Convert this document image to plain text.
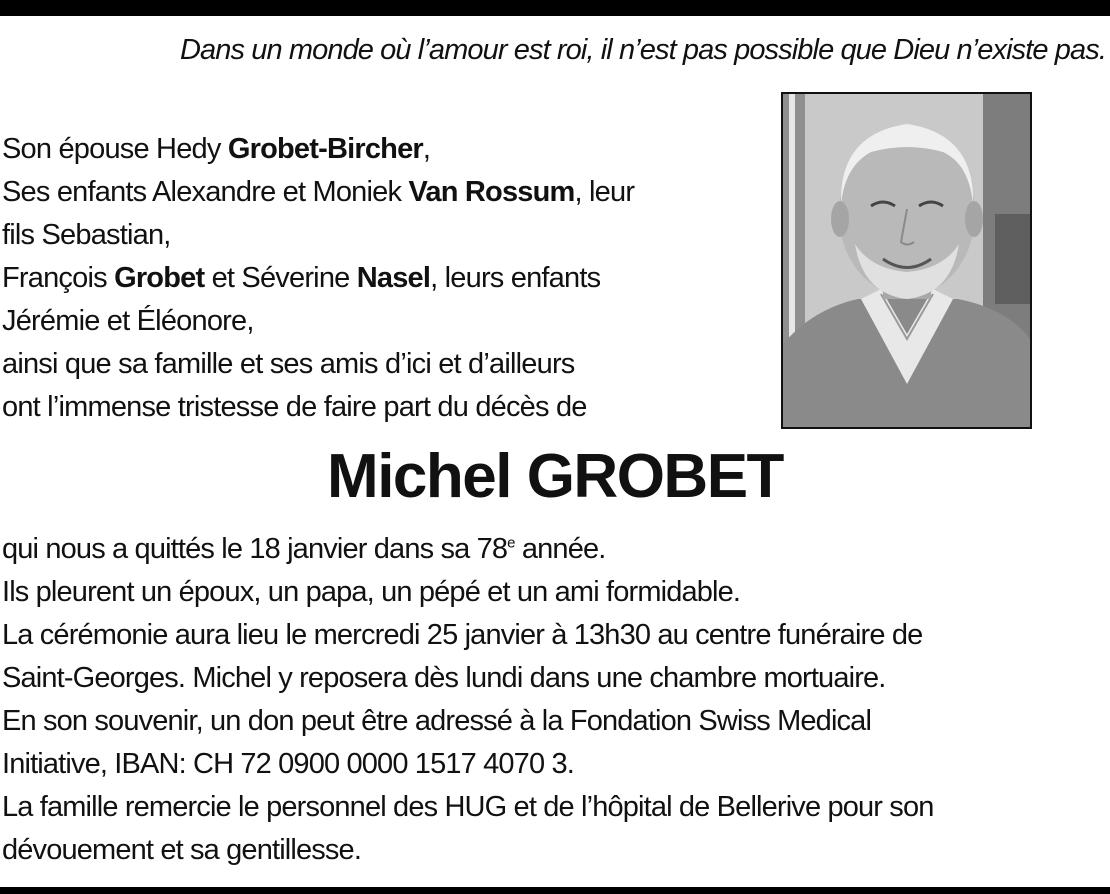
Dans un monde où l’amour est roi, il n’est pas possible que Dieu n’existe pas.
Son épouse Hedy Grobet-Bircher,
Ses enfants Alexandre et Moniek Van Rossum, leur
fils Sebastian,
François Grobet et Séverine Nasel, leurs enfants
Jérémie et Éléonore,
ainsi que sa famille et ses amis d’ici et d’ailleurs
ont l’immense tristesse de faire part du décès de
Michel GROBET
qui nous a quittés le 18 janvier dans sa 78e année.
Ils pleurent un époux, un papa, un pépé et un ami formidable.
La cérémonie aura lieu le mercredi 25 janvier à 13h30 au centre funéraire de
Saint-Georges. Michel y reposera dès lundi dans une chambre mortuaire.
En son souvenir, un don peut être adressé à la Fondation Swiss Medical
Initiative, IBAN: CH 72 0900 0000 1517 4070 3.
La famille remercie le personnel des HUG et de l’hôpital de Bellerive pour son
dévouement et sa gentillesse.
